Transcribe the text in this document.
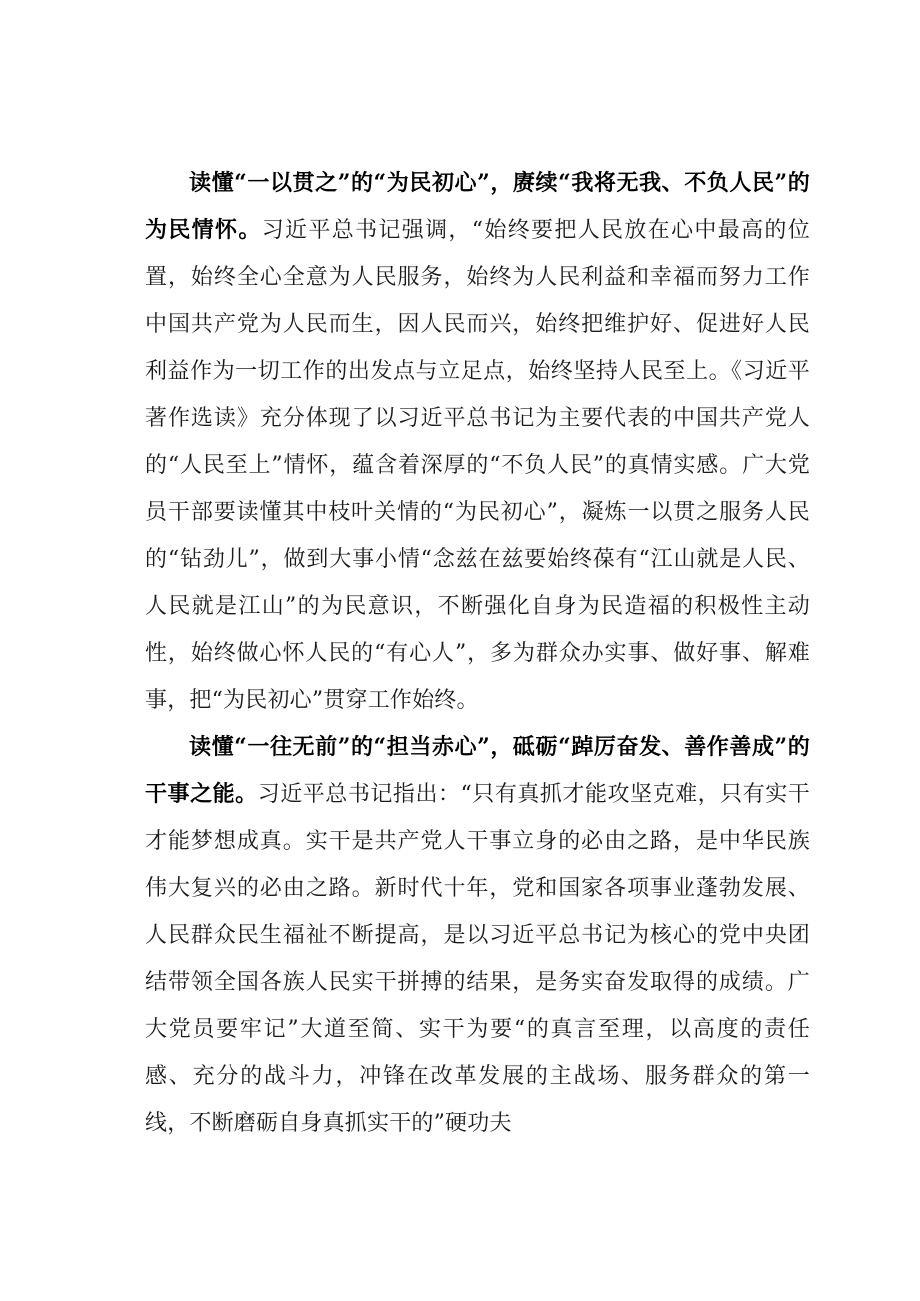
读懂“一以贯之”的“为民初心”，赓续“我将无我、不负人民”的为民情怀。习近平总书记强调，“始终要把人民放在心中最高的位置，始终全心全意为人民服务，始终为人民利益和幸福而努力工作中国共产党为人民而生，因人民而兴，始终把维护好、促进好人民利益作为一切工作的出发点与立足点，始终坚持人民至上。《习近平著作选读》充分体现了以习近平总书记为主要代表的中国共产党人的“人民至上”情怀，蕴含着深厚的“不负人民”的真情实感。广大党员干部要读懂其中枝叶关情的“为民初心”，凝炼一以贯之服务人民的“钻劲儿”，做到大事小情“念兹在兹要始终葆有“江山就是人民、人民就是江山”的为民意识，不断强化自身为民造福的积极性主动性，始终做心怀人民的“有心人”，多为群众办实事、做好事、解难事，把“为民初心”贯穿工作始终。

读懂“一往无前”的“担当赤心”，砥砺“踔厉奋发、善作善成”的干事之能。习近平总书记指出：“只有真抓才能攻坚克难，只有实干才能梦想成真。实干是共产党人干事立身的必由之路，是中华民族伟大复兴的必由之路。新时代十年，党和国家各项事业蓬勃发展、人民群众民生福祉不断提高，是以习近平总书记为核心的党中央团结带领全国各族人民实干拼搏的结果，是务实奋发取得的成绩。广大党员要牢记”大道至简、实干为要“的真言至理，以高度的责任感、充分的战斗力，冲锋在改革发展的主战场、服务群众的第一线，不断磨砺自身真抓实干的”硬功夫
